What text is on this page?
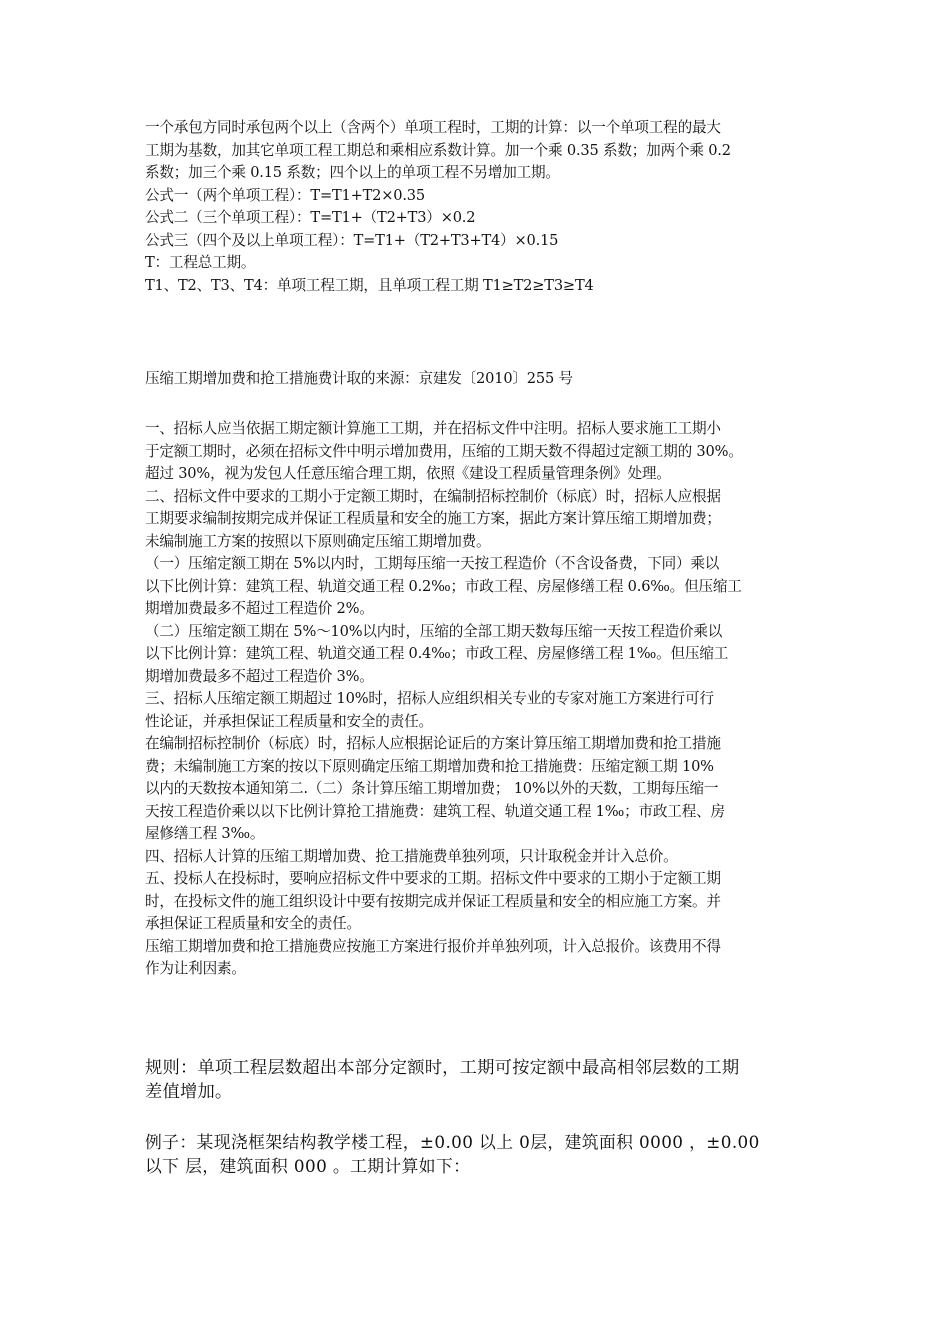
一个承包方同时承包两个以上（含两个）单项工程时，工期的计算：以一个单项工程的最大

工期为基数，加其它单项工程工期总和乘相应系数计算。加一个乘 0.35 系数；加两个乘 0.2

系数；加三个乘 0.15 系数；四个以上的单项工程不另增加工期。

公式一（两个单项工程）：T=T1+T2×0.35

公式二（三个单项工程）：T=T1+（T2+T3）×0.2

公式三（四个及以上单项工程）：T=T1+（T2+T3+T4）×0.15

T：工程总工期。

T1、T2、T3、T4：单项工程工期，且单项工程工期 T1≥T2≥T3≥T4

压缩工期增加费和抢工措施费计取的来源：京建发〔2010〕255 号

一、招标人应当依据工期定额计算施工工期，并在招标文件中注明。招标人要求施工工期小

于定额工期时，必须在招标文件中明示增加费用，压缩的工期天数不得超过定额工期的 30%。

超过 30%，视为发包人任意压缩合理工期，依照《建设工程质量管理条例》处理。

二、招标文件中要求的工期小于定额工期时，在编制招标控制价（标底）时，招标人应根据

工期要求编制按期完成并保证工程质量和安全的施工方案，据此方案计算压缩工期增加费；

未编制施工方案的按照以下原则确定压缩工期增加费。

（一）压缩定额工期在 5%以内时，工期每压缩一天按工程造价（不含设备费，下同）乘以

以下比例计算：建筑工程、轨道交通工程 0.2‰；市政工程、房屋修缮工程 0.6‰。但压缩工

期增加费最多不超过工程造价 2%。

（二）压缩定额工期在 5%～10%以内时，压缩的全部工期天数每压缩一天按工程造价乘以

以下比例计算：建筑工程、轨道交通工程 0.4‰；市政工程、房屋修缮工程 1‰。但压缩工

期增加费最多不超过工程造价 3%。

三、招标人压缩定额工期超过 10%时，招标人应组织相关专业的专家对施工方案进行可行

性论证，并承担保证工程质量和安全的责任。

在编制招标控制价（标底）时，招标人应根据论证后的方案计算压缩工期增加费和抢工措施

费；未编制施工方案的按以下原则确定压缩工期增加费和抢工措施费：压缩定额工期 10%

以内的天数按本通知第二.（二）条计算压缩工期增加费； 10%以外的天数，工期每压缩一

天按工程造价乘以以下比例计算抢工措施费：建筑工程、轨道交通工程 1‰；市政工程、房

屋修缮工程 3‰。

四、招标人计算的压缩工期增加费、抢工措施费单独列项，只计取税金并计入总价。

五、投标人在投标时，要响应招标文件中要求的工期。招标文件中要求的工期小于定额工期

时，在投标文件的施工组织设计中要有按期完成并保证工程质量和安全的相应施工方案。并

承担保证工程质量和安全的责任。

压缩工期增加费和抢工措施费应按施工方案进行报价并单独列项，计入总报价。该费用不得

作为让利因素。

规则：单项工程层数超出本部分定额时，工期可按定额中最高相邻层数的工期

差值增加。

例子：某现浇框架结构教学楼工程，±0.00 以上 0层，建筑面积 0000 ，±0.00

以下 层，建筑面积 000 。工期计算如下：
